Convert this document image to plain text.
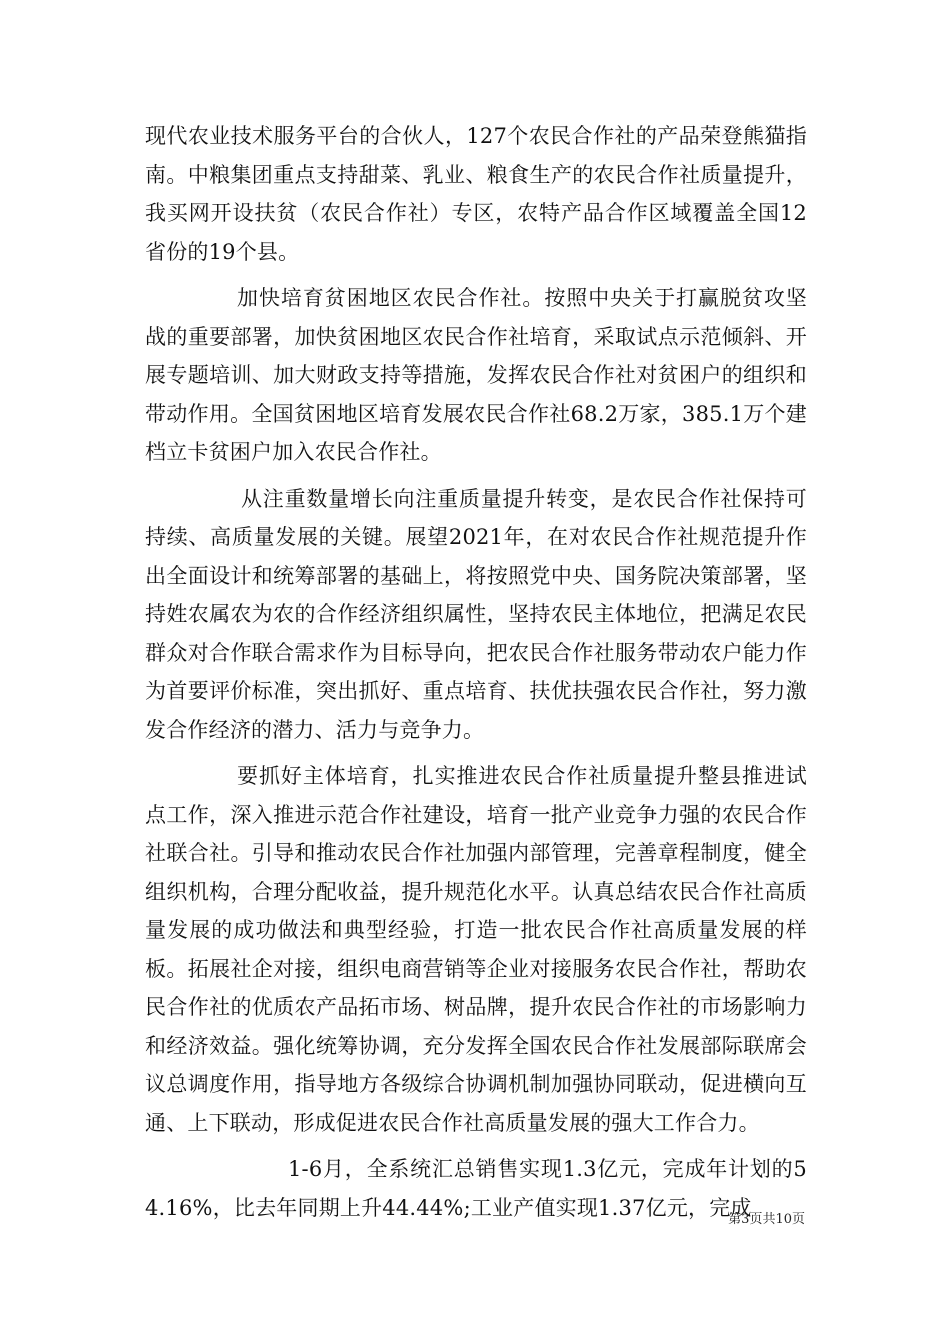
现代农业技术服务平台的合伙人，127个农民合作社的产品荣登熊猫指南。中粮集团重点支持甜菜、乳业、粮食生产的农民合作社质量提升，我买网开设扶贫（农民合作社）专区，农特产品合作区域覆盖全国12省份的19个县。

加快培育贫困地区农民合作社。按照中央关于打赢脱贫攻坚战的重要部署，加快贫困地区农民合作社培育，采取试点示范倾斜、开展专题培训、加大财政支持等措施，发挥农民合作社对贫困户的组织和带动作用。全国贫困地区培育发展农民合作社68.2万家，385.1万个建档立卡贫困户加入农民合作社。

从注重数量增长向注重质量提升转变，是农民合作社保持可持续、高质量发展的关键。展望2021年，在对农民合作社规范提升作出全面设计和统筹部署的基础上，将按照党中央、国务院决策部署，坚持姓农属农为农的合作经济组织属性，坚持农民主体地位，把满足农民群众对合作联合需求作为目标导向，把农民合作社服务带动农户能力作为首要评价标准，突出抓好、重点培育、扶优扶强农民合作社，努力激发合作经济的潜力、活力与竞争力。

要抓好主体培育，扎实推进农民合作社质量提升整县推进试点工作，深入推进示范合作社建设，培育一批产业竞争力强的农民合作社联合社。引导和推动农民合作社加强内部管理，完善章程制度，健全组织机构，合理分配收益，提升规范化水平。认真总结农民合作社高质量发展的成功做法和典型经验，打造一批农民合作社高质量发展的样板。拓展社企对接，组织电商营销等企业对接服务农民合作社，帮助农民合作社的优质农产品拓市场、树品牌，提升农民合作社的市场影响力和经济效益。强化统筹协调，充分发挥全国农民合作社发展部际联席会议总调度作用，指导地方各级综合协调机制加强协同联动，促进横向互通、上下联动，形成促进农民合作社高质量发展的强大工作合力。

1-6月，全系统汇总销售实现1.3亿元，完成年计划的54.16%，比去年同期上升44.44%;工业产值实现1.37亿元，完成

第3页共10页
